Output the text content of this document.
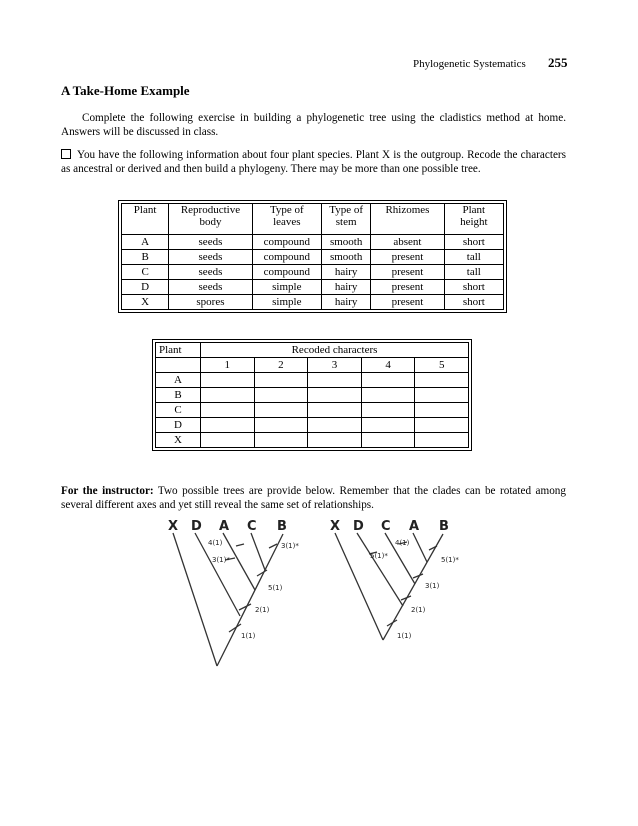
Phylogenetic Systematics 255
A Take-Home Example
Complete the following exercise in building a phylogenetic tree using the cladistics method at home. Answers will be discussed in class.
You have the following information about four plant species. Plant X is the outgroup. Recode the characters as ancestral or derived and then build a phylogeny. There may be more than one possible tree.
Plant	Reproductive body	Type of leaves	Type of stem	Rhizomes	Plant height
A	seeds	compound	smooth	absent	short
B	seeds	compound	smooth	present	tall
C	seeds	compound	hairy	present	tall
D	seeds	simple	hairy	present	short
X	spores	simple	hairy	present	short
Plant	Recoded characters				
	1	2	3	4	5
A					
B					
C					
D					
X					
For the instructor: Two possible trees are provide below. Remember that the clades can be rotated among several different axes and yet still reveal the same set of relationships.
X D A C B
4(1)	3(1)*
3(1)*
5(1)
2(1)
1(1)
X D C A B
4(1)
5(1)*
5(1)*
3(1)
2(1)
1(1)
